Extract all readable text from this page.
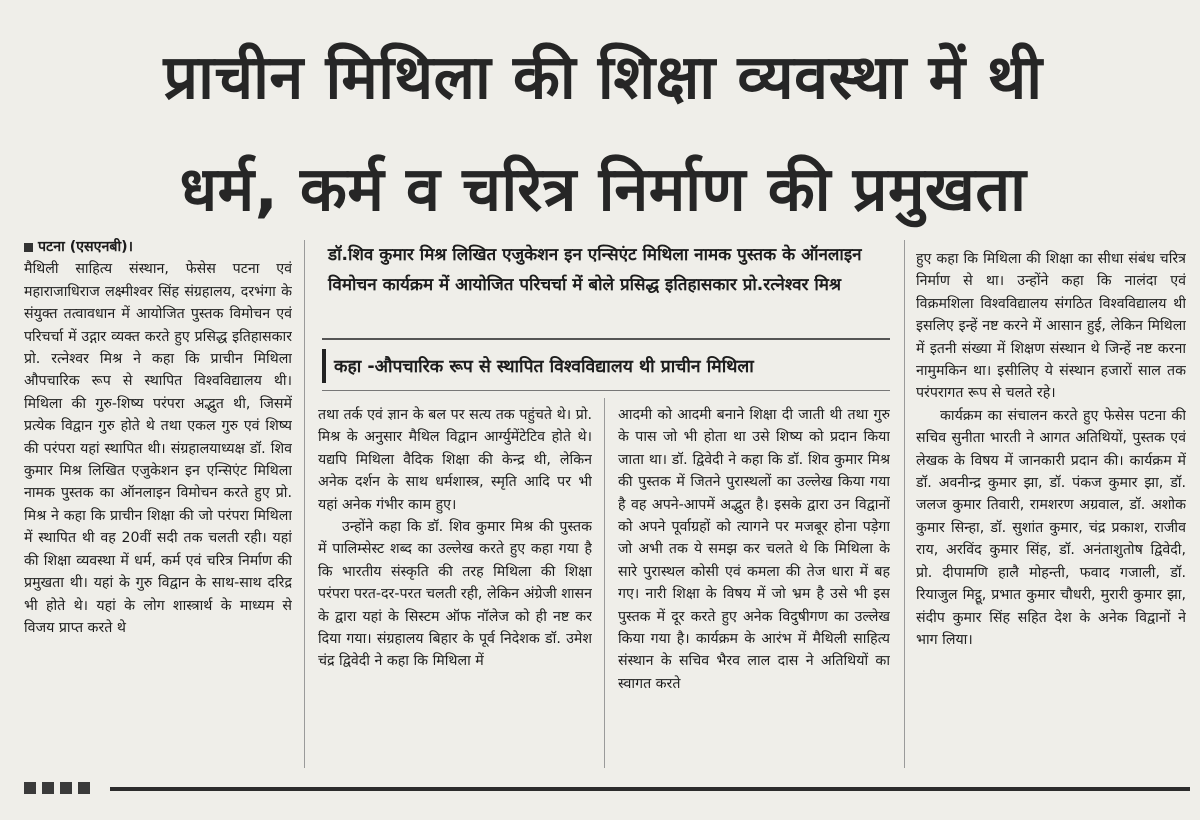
प्राचीन मिथिला की शिक्षा व्यवस्था में थी
धर्म, कर्म व चरित्र निर्माण की प्रमुखता

पटना (एसएनबी)।

मैथिली साहित्य संस्थान, फेसेस पटना एवं महाराजाधिराज लक्ष्मीश्वर सिंह संग्रहालय, दरभंगा के संयुक्त तत्वावधान में आयोजित पुस्तक विमोचन एवं परिचर्चा में उद्गार व्यक्त करते हुए प्रसिद्ध इतिहासकार प्रो. रत्नेश्वर मिश्र ने कहा कि प्राचीन मिथिला औपचारिक रूप से स्थापित विश्वविद्यालय थी। मिथिला की गुरु-शिष्य परंपरा अद्भुत थी, जिसमें प्रत्येक विद्वान गुरु होते थे तथा एकल गुरु एवं शिष्य की परंपरा यहां स्थापित थी। संग्रहालयाध्यक्ष डॉ. शिव कुमार मिश्र लिखित एजुकेशन इन एन्सिएंट मिथिला नामक पुस्तक का ऑनलाइन विमोचन करते हुए प्रो. मिश्र ने कहा कि प्राचीन शिक्षा की जो परंपरा मिथिला में स्थापित थी वह 20वीं सदी तक चलती रही। यहां की शिक्षा व्यवस्था में धर्म, कर्म एवं चरित्र निर्माण की प्रमुखता थी। यहां के गुरु विद्वान के साथ-साथ दरिद्र भी होते थे। यहां के लोग शास्त्रार्थ के माध्यम से विजय प्राप्त करते थे

डॉ.शिव कुमार मिश्र लिखित एजुकेशन इन एन्सिएंट मिथिला नामक पुस्तक के ऑनलाइन विमोचन कार्यक्रम में आयोजित परिचर्चा में बोले प्रसिद्ध इतिहासकार प्रो.रत्नेश्वर मिश्र
कहा -औपचारिक रूप से स्थापित विश्वविद्यालय थी प्राचीन मिथिला

तथा तर्क एवं ज्ञान के बल पर सत्य तक पहुंचते थे। प्रो. मिश्र के अनुसार मैथिल विद्वान आर्ग्युमेंटेटिव होते थे। यद्यपि मिथिला वैदिक शिक्षा की केन्द्र थी, लेकिन अनेक दर्शन के साथ धर्मशास्त्र, स्मृति आदि पर भी यहां अनेक गंभीर काम हुए।

उन्होंने कहा कि डॉ. शिव कुमार मिश्र की पुस्तक में पालिम्सेस्ट शब्द का उल्लेख करते हुए कहा गया है कि भारतीय संस्कृति की तरह मिथिला की शिक्षा परंपरा परत-दर-परत चलती रही, लेकिन अंग्रेजी शासन के द्वारा यहां के सिस्टम ऑफ नॉलेज को ही नष्ट कर दिया गया। संग्रहालय बिहार के पूर्व निदेशक डॉ. उमेश चंद्र द्विवेदी ने कहा कि मिथिला में

आदमी को आदमी बनाने शिक्षा दी जाती थी तथा गुरु के पास जो भी होता था उसे शिष्य को प्रदान किया जाता था। डॉ. द्विवेदी ने कहा कि डॉ. शिव कुमार मिश्र की पुस्तक में जितने पुरास्थलों का उल्लेख किया गया है वह अपने-आपमें अद्भुत है। इसके द्वारा उन विद्वानों को अपने पूर्वाग्रहों को त्यागने पर मजबूर होना पड़ेगा जो अभी तक ये समझ कर चलते थे कि मिथिला के सारे पुरास्थल कोसी एवं कमला की तेज धारा में बह गए। नारी शिक्षा के विषय में जो भ्रम है उसे भी इस पुस्तक में दूर करते हुए अनेक विदुषीगण का उल्लेख किया गया है। कार्यक्रम के आरंभ में मैथिली साहित्य संस्थान के सचिव भैरव लाल दास ने अतिथियों का स्वागत करते

हुए कहा कि मिथिला की शिक्षा का सीधा संबंध चरित्र निर्माण से था। उन्होंने कहा कि नालंदा एवं विक्रमशिला विश्वविद्यालय संगठित विश्वविद्यालय थी इसलिए इन्हें नष्ट करने में आसान हुई, लेकिन मिथिला में इतनी संख्या में शिक्षण संस्थान थे जिन्हें नष्ट करना नामुमकिन था। इसीलिए ये संस्थान हजारों साल तक परंपरागत रूप से चलते रहे।

कार्यक्रम का संचालन करते हुए फेसेस पटना की सचिव सुनीता भारती ने आगत अतिथियों, पुस्तक एवं लेखक के विषय में जानकारी प्रदान की। कार्यक्रम में डॉ. अवनीन्द्र कुमार झा, डॉ. पंकज कुमार झा, डॉ. जलज कुमार तिवारी, रामशरण अग्रवाल, डॉ. अशोक कुमार सिन्हा, डॉ. सुशांत कुमार, चंद्र प्रकाश, राजीव राय, अरविंद कुमार सिंह, डॉ. अनंताशुतोष द्विवेदी, प्रो. दीपामणि हालै मोहन्ती, फवाद गजाली, डॉ. रियाजुल मिट्ठू, प्रभात कुमार चौधरी, मुरारी कुमार झा, संदीप कुमार सिंह सहित देश के अनेक विद्वानों ने भाग लिया।
